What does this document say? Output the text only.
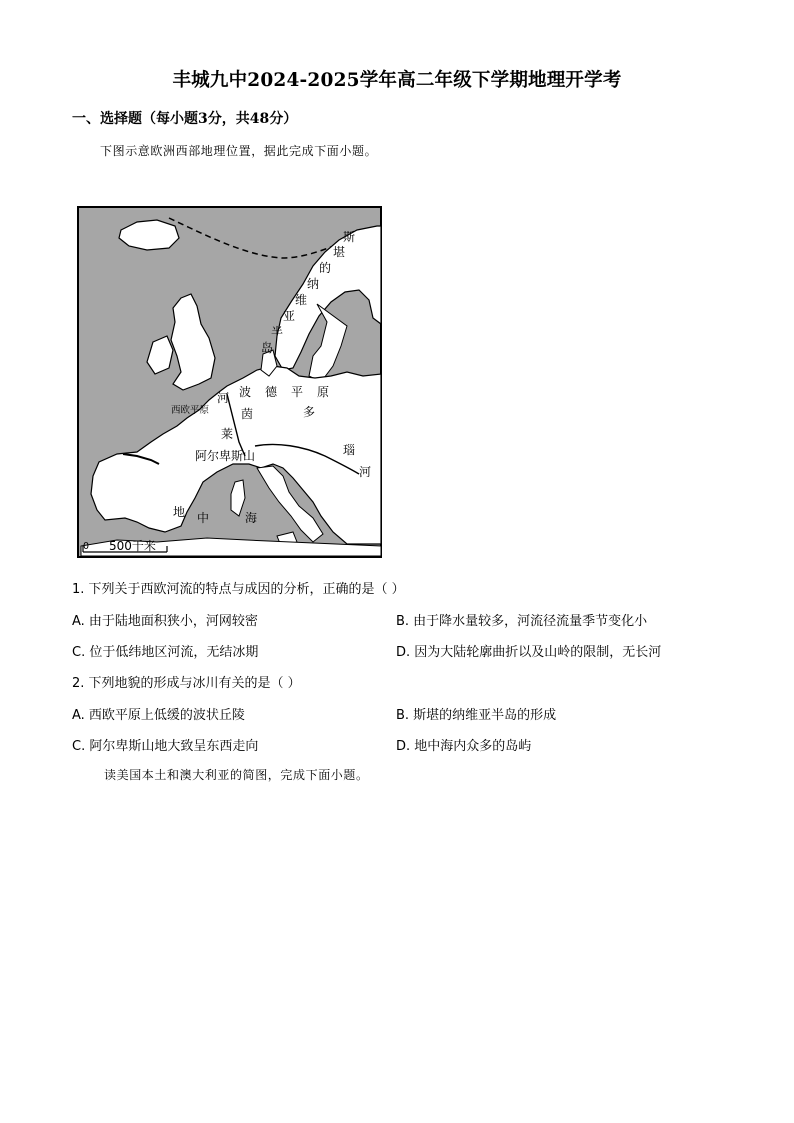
丰城九中2024-2025学年高二年级下学期地理开学考
一、选择题（每小题3分，共48分）
下图示意欧洲西部地理位置，据此完成下面小题。
斯
堪
的
纳
维
亚
半
岛
西欧平原
河
茵
莱
波 德 平 原
多
瑙
河
阿尔卑斯山
地 中	海
0 500千米
1. 下列关于西欧河流的特点与成因的分析，正确的是（ ）
A. 由于陆地面积狭小，河网较密	B. 由于降水量较多，河流径流量季节变化小
C. 位于低纬地区河流，无结冰期	D. 因为大陆轮廓曲折以及山岭的限制，无长河
2. 下列地貌的形成与冰川有关的是（ ）
A. 西欧平原上低缓的波状丘陵	B. 斯堪的纳维亚半岛的形成
C. 阿尔卑斯山地大致呈东西走向	D. 地中海内众多的岛屿
读美国本土和澳大利亚的简图，完成下面小题。
